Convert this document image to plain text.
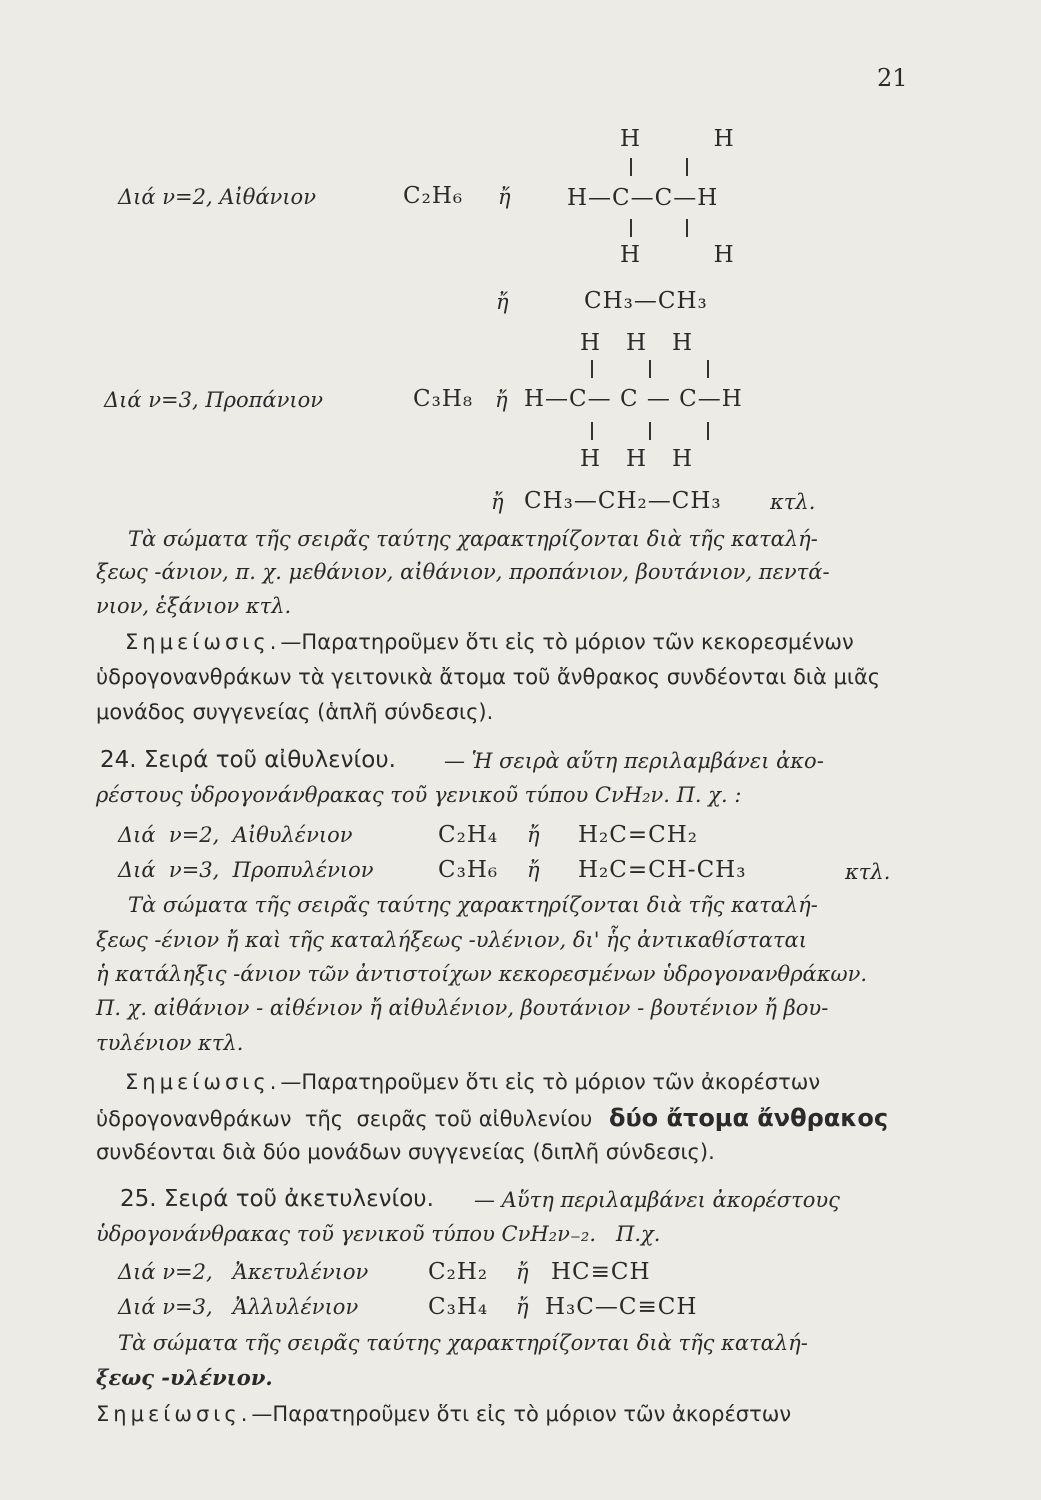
21
H  H
Διά ν=2, Αἰθάνιον	C₂H₆ ἤ H—C—C—H
H  H
ἤ	CH₃—CH₃
H   H   H
Διά ν=3, Προπάνιον	C₃H₈ ἤ H—C— C — C—H
H   H   H
ἤ CH₃—CH₂—CH₃ κτλ.
Τὰ σώματα τῆς σειρᾶς ταύτης χαρακτηρίζονται διὰ τῆς καταλή-
ξεως -άνιον, π. χ. μεθάνιον, αἰθάνιον, προπάνιον, βουτάνιον, πεντά-
νιον, ἑξάνιον κτλ.
Σημείωσις.—Παρατηροῦμεν ὅτι εἰς τὸ μόριον τῶν κεκορεσμένων
ὑδρογονανθράκων τὰ γειτονικὰ ἄτομα τοῦ ἄνθρακος συνδέονται διὰ μιᾶς
μονάδος συγγενείας (ἁπλῆ σύνδεσις).
24. Σειρά τοῦ αἰθυλενίου. — Ἡ σειρὰ αὕτη περιλαμβάνει ἀκο-
ρέστους ὑδρογονάνθρακας τοῦ γενικοῦ τύπου CνH₂ν. Π. χ. :
Διά  ν=2,  Αἰθυλένιον	C₂H₄ ἤ H₂C=CH₂
Διά  ν=3,  Προπυλένιον	C₃H₆ ἤ H₂C=CH-CH₃	κτλ.
Τὰ σώματα τῆς σειρᾶς ταύτης χαρακτηρίζονται διὰ τῆς καταλή-
ξεως -ένιον ἤ καὶ τῆς καταλήξεως -υλένιον, δι' ἧς ἀντικαθίσταται
ἡ κατάληξις -άνιον τῶν ἀντιστοίχων κεκορεσμένων ὑδρογονανθράκων.
Π. χ. αἰθάνιον - αἰθένιον ἤ αἰθυλένιον, βουτάνιον - βουτένιον ἤ βου-
τυλένιον κτλ.
Σημείωσις.—Παρατηροῦμεν ὅτι εἰς τὸ μόριον τῶν ἀκορέστων
ὑδρογονανθράκων  τῆς  σειρᾶς τοῦ αἰθυλενίου δύο ἄτομα ἄνθρακος
συνδέονται διὰ δύο μονάδων συγγενείας (διπλῆ σύνδεσις).
25. Σειρά τοῦ ἀκετυλενίου. — Αὕτη περιλαμβάνει ἀκορέστους
ὑδρογονάνθρακας τοῦ γενικοῦ τύπου CνH₂ν₋₂.   Π.χ.
Διά ν=2,   Ἀκετυλένιον	C₂H₂ ἤ HC≡CH
Διά ν=3,   Ἀλλυλένιον	C₃H₄ ἤ H₃C—C≡CH
Τὰ σώματα τῆς σειρᾶς ταύτης χαρακτηρίζονται διὰ τῆς καταλή-
ξεως -υλένιον.
Σημείωσις.—Παρατηροῦμεν ὅτι εἰς τὸ μόριον τῶν ἀκορέστων
